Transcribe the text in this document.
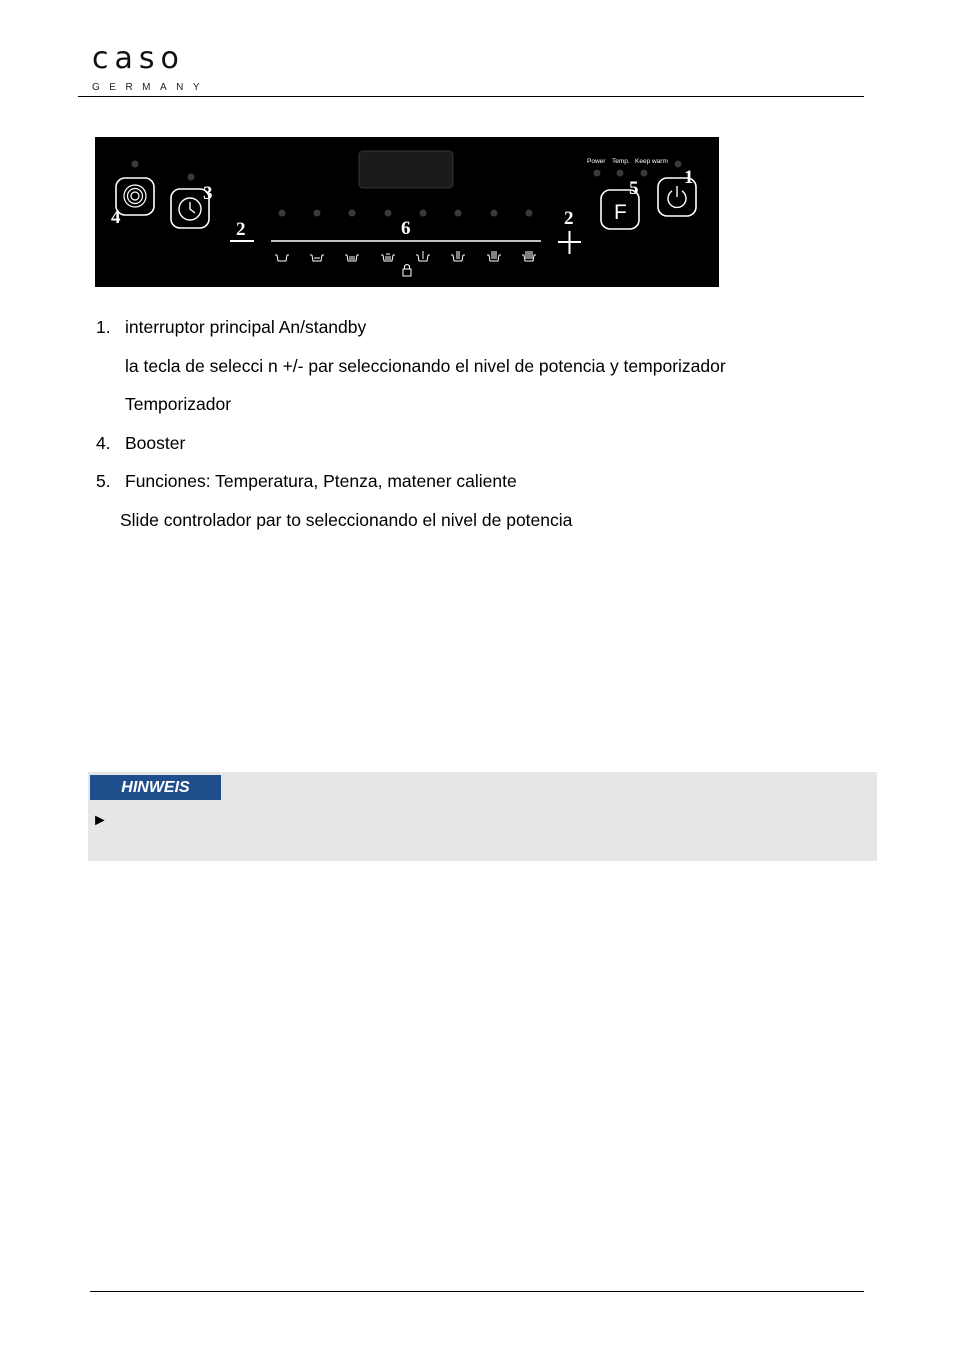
caso
GERMANY
4
3
2	6	2
Power Temp. Keep warm
F
5
1
1. interruptor principal An/standby
la tecla de selecci n +/- par seleccionando el nivel de potencia y temporizador
Temporizador
4. Booster
5. Funciones: Temperatura, Ptenza, matener caliente
Slide controlador par to seleccionando el nivel de potencia
HINWEIS
►
